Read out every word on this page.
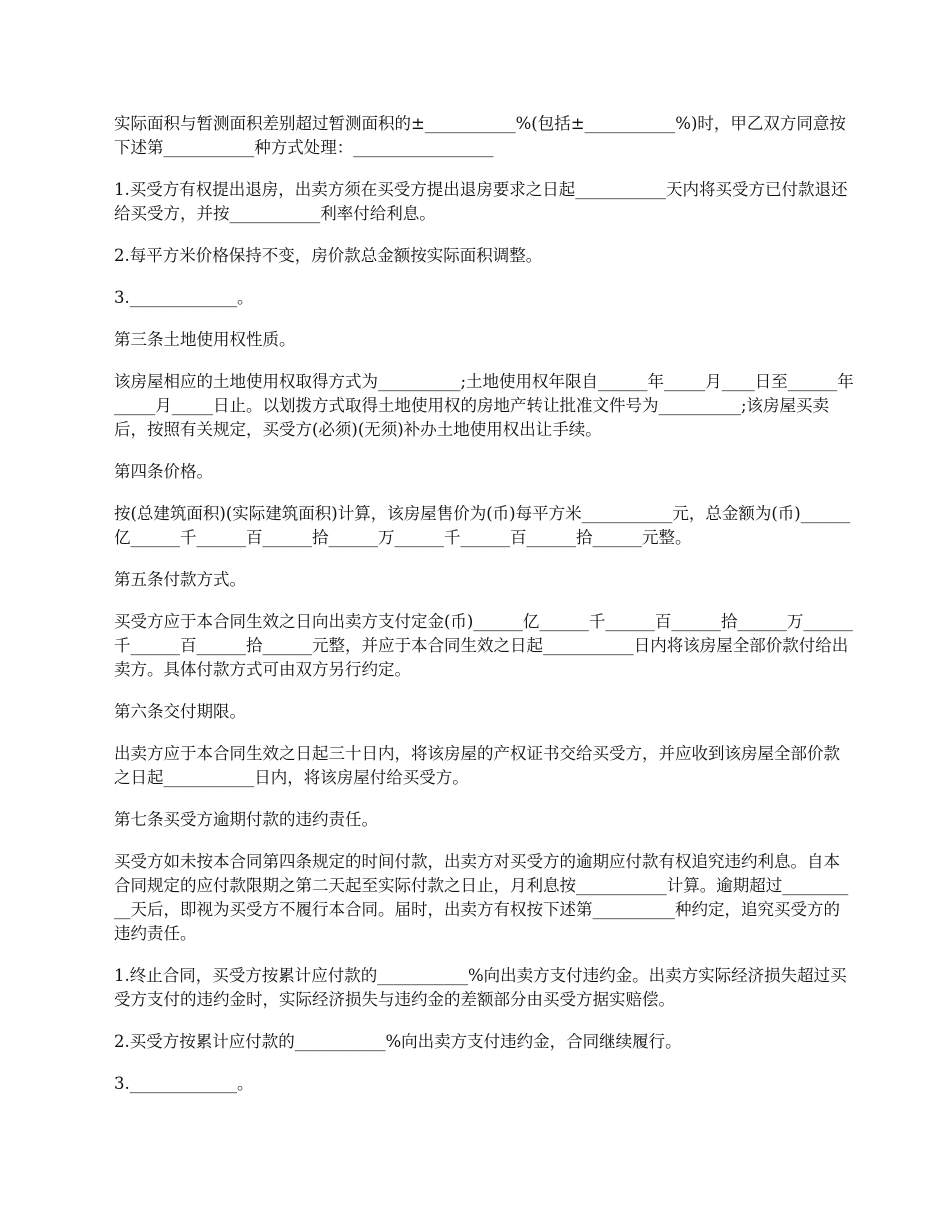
实际面积与暂测面积差别超过暂测面积的±___________%(包括±___________%)时，甲乙双方同意按下述第___________种方式处理：_________________

1.买受方有权提出退房，出卖方须在买受方提出退房要求之日起___________天内将买受方已付款退还给买受方，并按___________利率付给利息。

2.每平方米价格保持不变，房价款总金额按实际面积调整。

3._____________。

第三条土地使用权性质。

该房屋相应的土地使用权取得方式为__________;土地使用权年限自______年_____月____日至______年_____月_____日止。以划拨方式取得土地使用权的房地产转让批准文件号为__________;该房屋买卖后，按照有关规定，买受方(必须)(无须)补办土地使用权出让手续。

第四条价格。

按(总建筑面积)(实际建筑面积)计算，该房屋售价为(币)每平方米___________元，总金额为(币)______亿______千______百______拾______万______千______百______拾______元整。

第五条付款方式。

买受方应于本合同生效之日向出卖方支付定金(币)______亿______千______百______拾______万______千______百______拾______元整，并应于本合同生效之日起___________日内将该房屋全部价款付给出卖方。具体付款方式可由双方另行约定。

第六条交付期限。

出卖方应于本合同生效之日起三十日内，将该房屋的产权证书交给买受方，并应收到该房屋全部价款之日起___________日内，将该房屋付给买受方。

第七条买受方逾期付款的违约责任。

买受方如未按本合同第四条规定的时间付款，出卖方对买受方的逾期应付款有权追究违约利息。自本合同规定的应付款限期之第二天起至实际付款之日止，月利息按___________计算。逾期超过__________天后，即视为买受方不履行本合同。届时，出卖方有权按下述第__________种约定，追究买受方的违约责任。

1.终止合同，买受方按累计应付款的___________%向出卖方支付违约金。出卖方实际经济损失超过买受方支付的违约金时，实际经济损失与违约金的差额部分由买受方据实赔偿。

2.买受方按累计应付款的___________%向出卖方支付违约金，合同继续履行。

3._____________。
